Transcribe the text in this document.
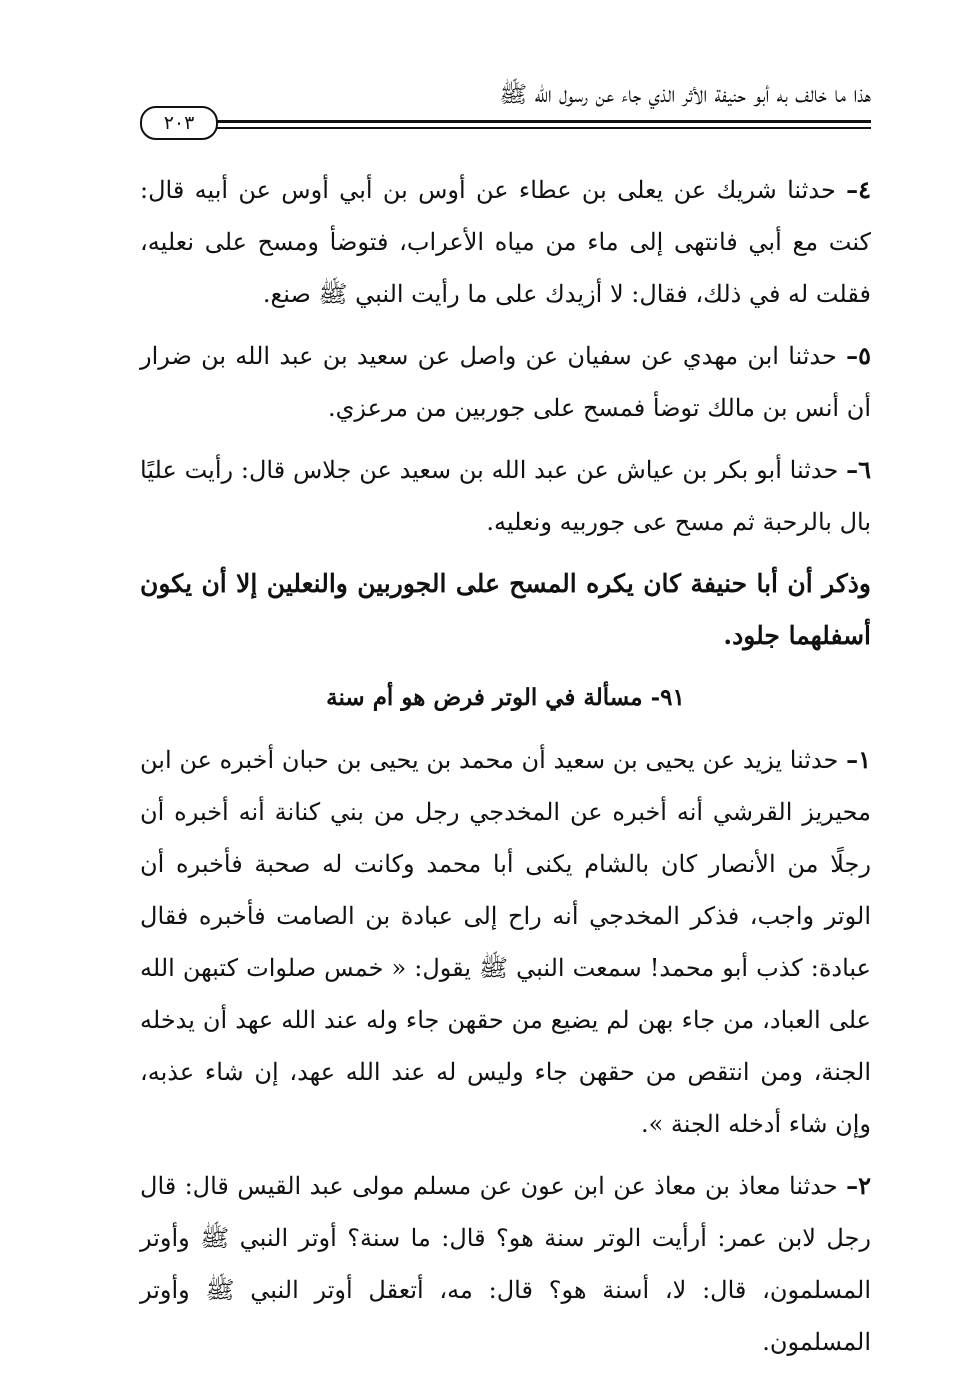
هذا ما خالف به أبو حنيفة الأثر الذي جاء عن رسول الله ﷺ
٢٠٣

٤– حدثنا شريك عن يعلى بن عطاء عن أوس بن أبي أوس عن أبيه قال: كنت مع أبي فانتهى إلى ماء من مياه الأعراب، فتوضأ ومسح على نعليه، فقلت له في ذلك، فقال: لا أزيدك على ما رأيت النبي ﷺ صنع.

٥– حدثنا ابن مهدي عن سفيان عن واصل عن سعيد بن عبد الله بن ضرار أن أنس بن مالك توضأ فمسح على جوربين من مرعزي.

٦– حدثنا أبو بكر بن عياش عن عبد الله بن سعيد عن جلاس قال: رأيت عليًا بال بالرحبة ثم مسح عى جوربيه ونعليه.

وذكر أن أبا حنيفة كان يكره المسح على الجوربين والنعلين إلا أن يكون أسفلهما جلود.

٩١- مسألة في الوتر فرض هو أم سنة

١– حدثنا يزيد عن يحيى بن سعيد أن محمد بن يحيى بن حبان أخبره عن ابن محيريز القرشي أنه أخبره عن المخدجي رجل من بني كنانة أنه أخبره أن رجلًا من الأنصار كان بالشام يكنى أبا محمد وكانت له صحبة فأخبره أن الوتر واجب، فذكر المخدجي أنه راح إلى عبادة بن الصامت فأخبره فقال عبادة: كذب أبو محمد! سمعت النبي ﷺ يقول: « خمس صلوات كتبهن الله على العباد، من جاء بهن لم يضيع من حقهن جاء وله عند الله عهد أن يدخله الجنة، ومن انتقص من حقهن جاء وليس له عند الله عهد، إن شاء عذبه، وإن شاء أدخله الجنة ».

٢– حدثنا معاذ بن معاذ عن ابن عون عن مسلم مولى عبد القيس قال: قال رجل لابن عمر: أرأيت الوتر سنة هو؟ قال: ما سنة؟ أوتر النبي ﷺ وأوتر المسلمون، قال: لا، أسنة هو؟ قال: مه، أتعقل أوتر النبي ﷺ وأوتر المسلمون.
